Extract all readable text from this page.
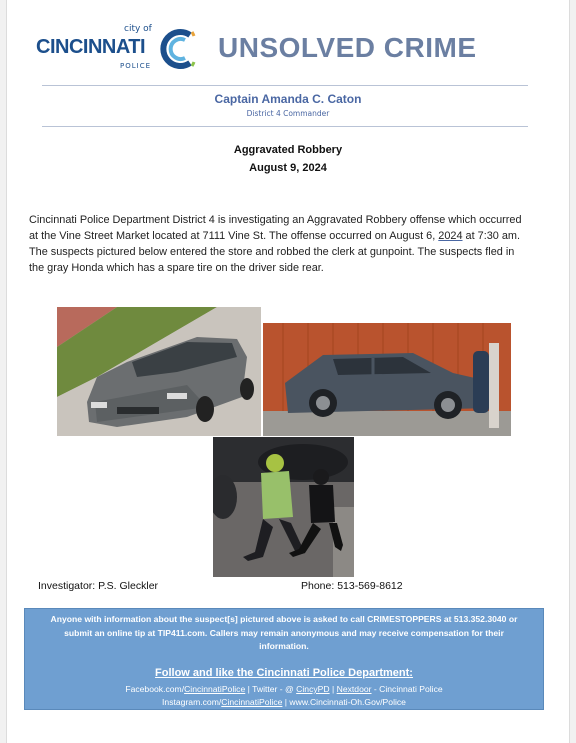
city of
CINCINNATI
POLICE
UNSOLVED CRIME
Captain Amanda C. Caton
District 4 Commander
Aggravated Robbery
August 9, 2024
Cincinnati Police Department District 4 is investigating an Aggravated Robbery offense which occurred at the Vine Street Market located at 7111 Vine St. The offense occurred on August 6, 2024 at 7:30 am. The suspects pictured below entered the store and robbed the clerk at gunpoint. The suspects fled in the gray Honda which has a spare tire on the driver side rear.
Investigator: P.S. Gleckler	Phone: 513-569-8612
Anyone with information about the suspect[s] pictured above is asked to call CRIMESTOPPERS at 513.352.3040 or submit an online tip at TIP411.com. Callers may remain anonymous and may receive compensation for their information.
Follow and like the Cincinnati Police Department:
Facebook.com/CincinnatiPolice | Twitter - @ CincyPD | Nextdoor - Cincinnati Police
Instagram.com/CincinnatiPolice | www.Cincinnati-Oh.Gov/Police
